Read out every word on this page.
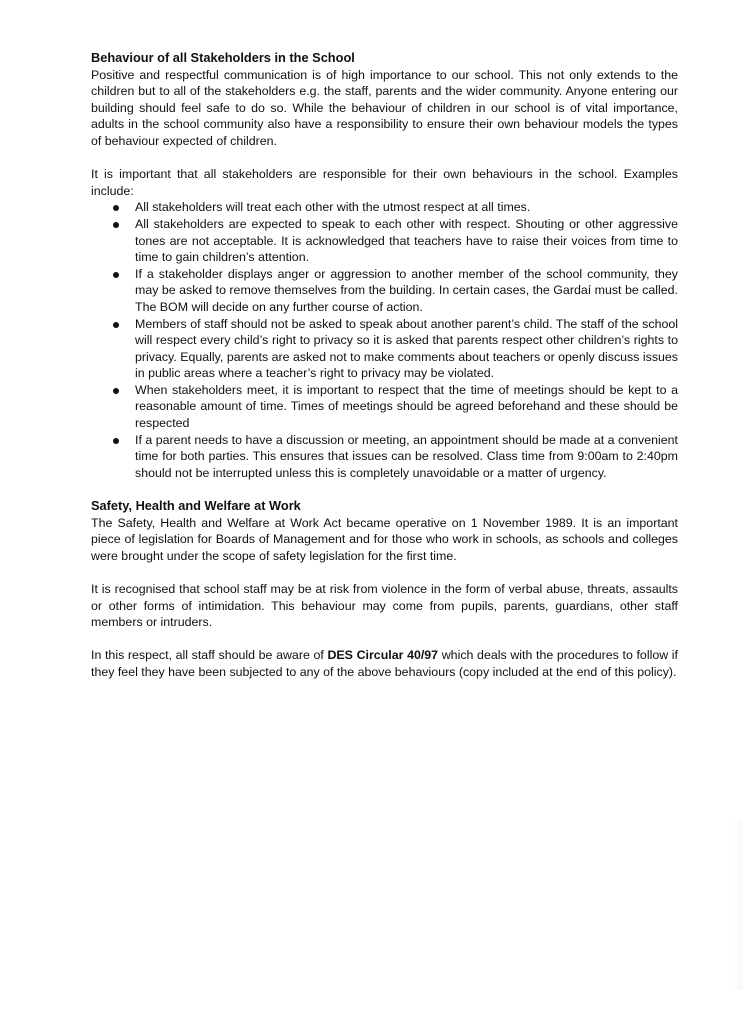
Behaviour of all Stakeholders in the School

Positive and respectful communication is of high importance to our school. This not only extends to the children but to all of the stakeholders e.g. the staff, parents and the wider community. Anyone entering our building should feel safe to do so. While the behaviour of children in our school is of vital importance, adults in the school community also have a responsibility to ensure their own behaviour models the types of behaviour expected of children.

It is important that all stakeholders are responsible for their own behaviours in the school. Examples include:

All stakeholders will treat each other with the utmost respect at all times.
All stakeholders are expected to speak to each other with respect. Shouting or other aggressive tones are not acceptable. It is acknowledged that teachers have to raise their voices from time to time to gain children’s attention.
If a stakeholder displays anger or aggression to another member of the school community, they may be asked to remove themselves from the building. In certain cases, the Gardaí must be called. The BOM will decide on any further course of action.
Members of staff should not be asked to speak about another parent’s child. The staff of the school will respect every child’s right to privacy so it is asked that parents respect other children’s rights to privacy. Equally, parents are asked not to make comments about teachers or openly discuss issues in public areas where a teacher’s right to privacy may be violated.
When stakeholders meet, it is important to respect that the time of meetings should be kept to a reasonable amount of time. Times of meetings should be agreed beforehand and these should be respected
If a parent needs to have a discussion or meeting, an appointment should be made at a convenient time for both parties. This ensures that issues can be resolved. Class time from 9:00am to 2:40pm should not be interrupted unless this is completely unavoidable or a matter of urgency.
Safety, Health and Welfare at Work

The Safety, Health and Welfare at Work Act became operative on 1 November 1989. It is an important piece of legislation for Boards of Management and for those who work in schools, as schools and colleges were brought under the scope of safety legislation for the first time.

It is recognised that school staff may be at risk from violence in the form of verbal abuse, threats, assaults or other forms of intimidation. This behaviour may come from pupils, parents, guardians, other staff members or intruders.

In this respect, all staff should be aware of DES Circular 40/97 which deals with the procedures to follow if they feel they have been subjected to any of the above behaviours (copy included at the end of this policy).
